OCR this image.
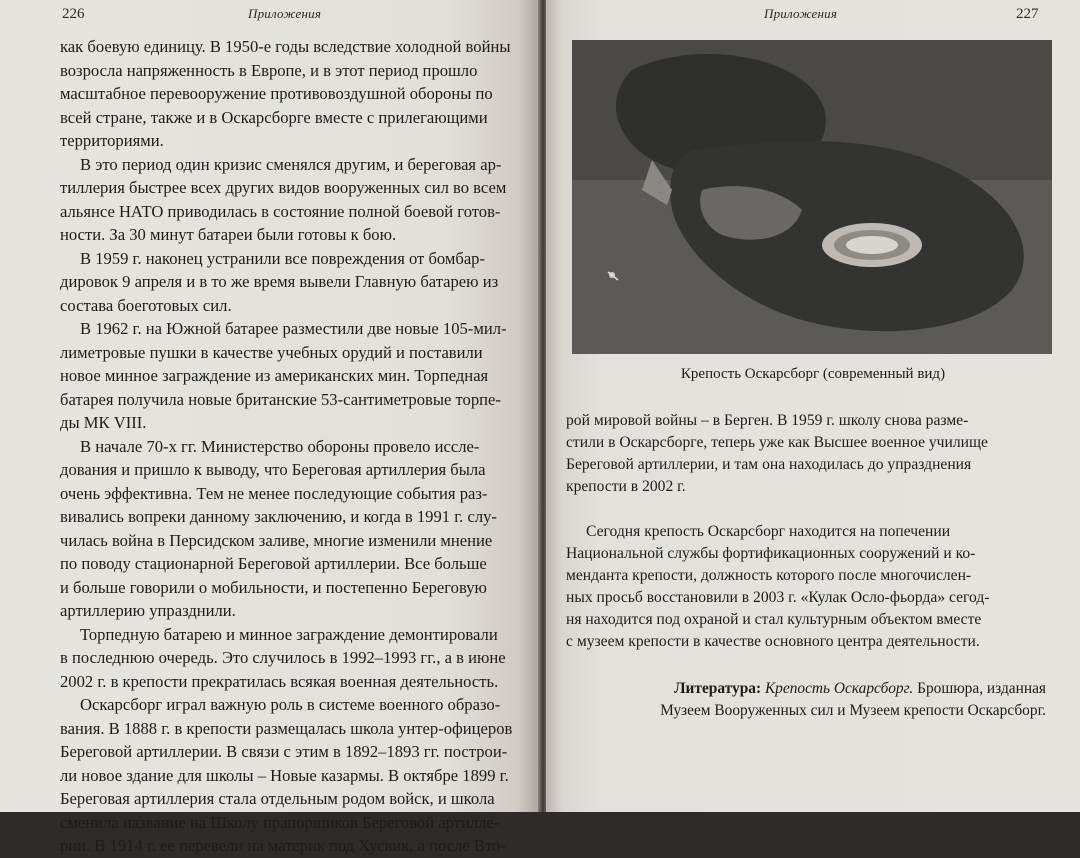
226	Приложения
как боевую единицу. В 1950-е годы вследствие холодной войны
возросла напряженность в Европе, и в этот период прошло
масштабное перевооружение противовоздушной обороны по
всей стране, также и в Оскарсборге вместе с прилегающими
территориями.
В это период один кризис сменялся другим, и береговая ар-
тиллерия быстрее всех других видов вооруженных сил во всем
альянсе НАТО приводилась в состояние полной боевой готов-
ности. За 30 минут батареи были готовы к бою.
В 1959 г. наконец устранили все повреждения от бомбар-
дировок 9 апреля и в то же время вывели Главную батарею из
состава боеготовых сил.
В 1962 г. на Южной батарее разместили две новые 105-мил-
лиметровые пушки в качестве учебных орудий и поставили
новое минное заграждение из американских мин. Торпедная
батарея получила новые британские 53-сантиметровые торпе-
ды МК VIII.
В начале 70-х гг. Министерство обороны провело иссле-
дования и пришло к выводу, что Береговая артиллерия была
очень эффективна. Тем не менее последующие события раз-
вивались вопреки данному заключению, и когда в 1991 г. слу-
чилась война в Персидском заливе, многие изменили мнение
по поводу стационарной Береговой артиллерии. Все больше
и больше говорили о мобильности, и постепенно Береговую
артиллерию упразднили.
Торпедную батарею и минное заграждение демонтировали
в последнюю очередь. Это случилось в 1992–1993 гг., а в июне
2002 г. в крепости прекратилась всякая военная деятельность.
Оскарсборг играл важную роль в системе военного образо-
вания. В 1888 г. в крепости размещалась школа унтер-офицеров
Береговой артиллерии. В связи с этим в 1892–1893 гг. построи-
ли новое здание для школы – Новые казармы. В октябре 1899 г.
Береговая артиллерия стала отдельным родом войск, и школа
сменила название на Школу прапорщиков Береговой артилле-
рии. В 1914 г. ее перевели на материк под Хусвик, а после Вто-
Приложения	227
Крепость Оскарсборг (современный вид)
рой мировой войны – в Берген. В 1959 г. школу снова разме-
стили в Оскарсборге, теперь уже как Высшее военное училище
Береговой артиллерии, и там она находилась до упразднения
крепости в 2002 г.
Сегодня крепость Оскарсборг находится на попечении
Национальной службы фортификационных сооружений и ко-
менданта крепости, должность которого после многочислен-
ных просьб восстановили в 2003 г. «Кулак Осло-фьорда» сегод-
ня находится под охраной и стал культурным объектом вместе
с музеем крепости в качестве основного центра деятельности.
Литература: Крепость Оскарсборг. Брошюра, изданная
Музеем Вооруженных сил и Музеем крепости Оскарсборг.
